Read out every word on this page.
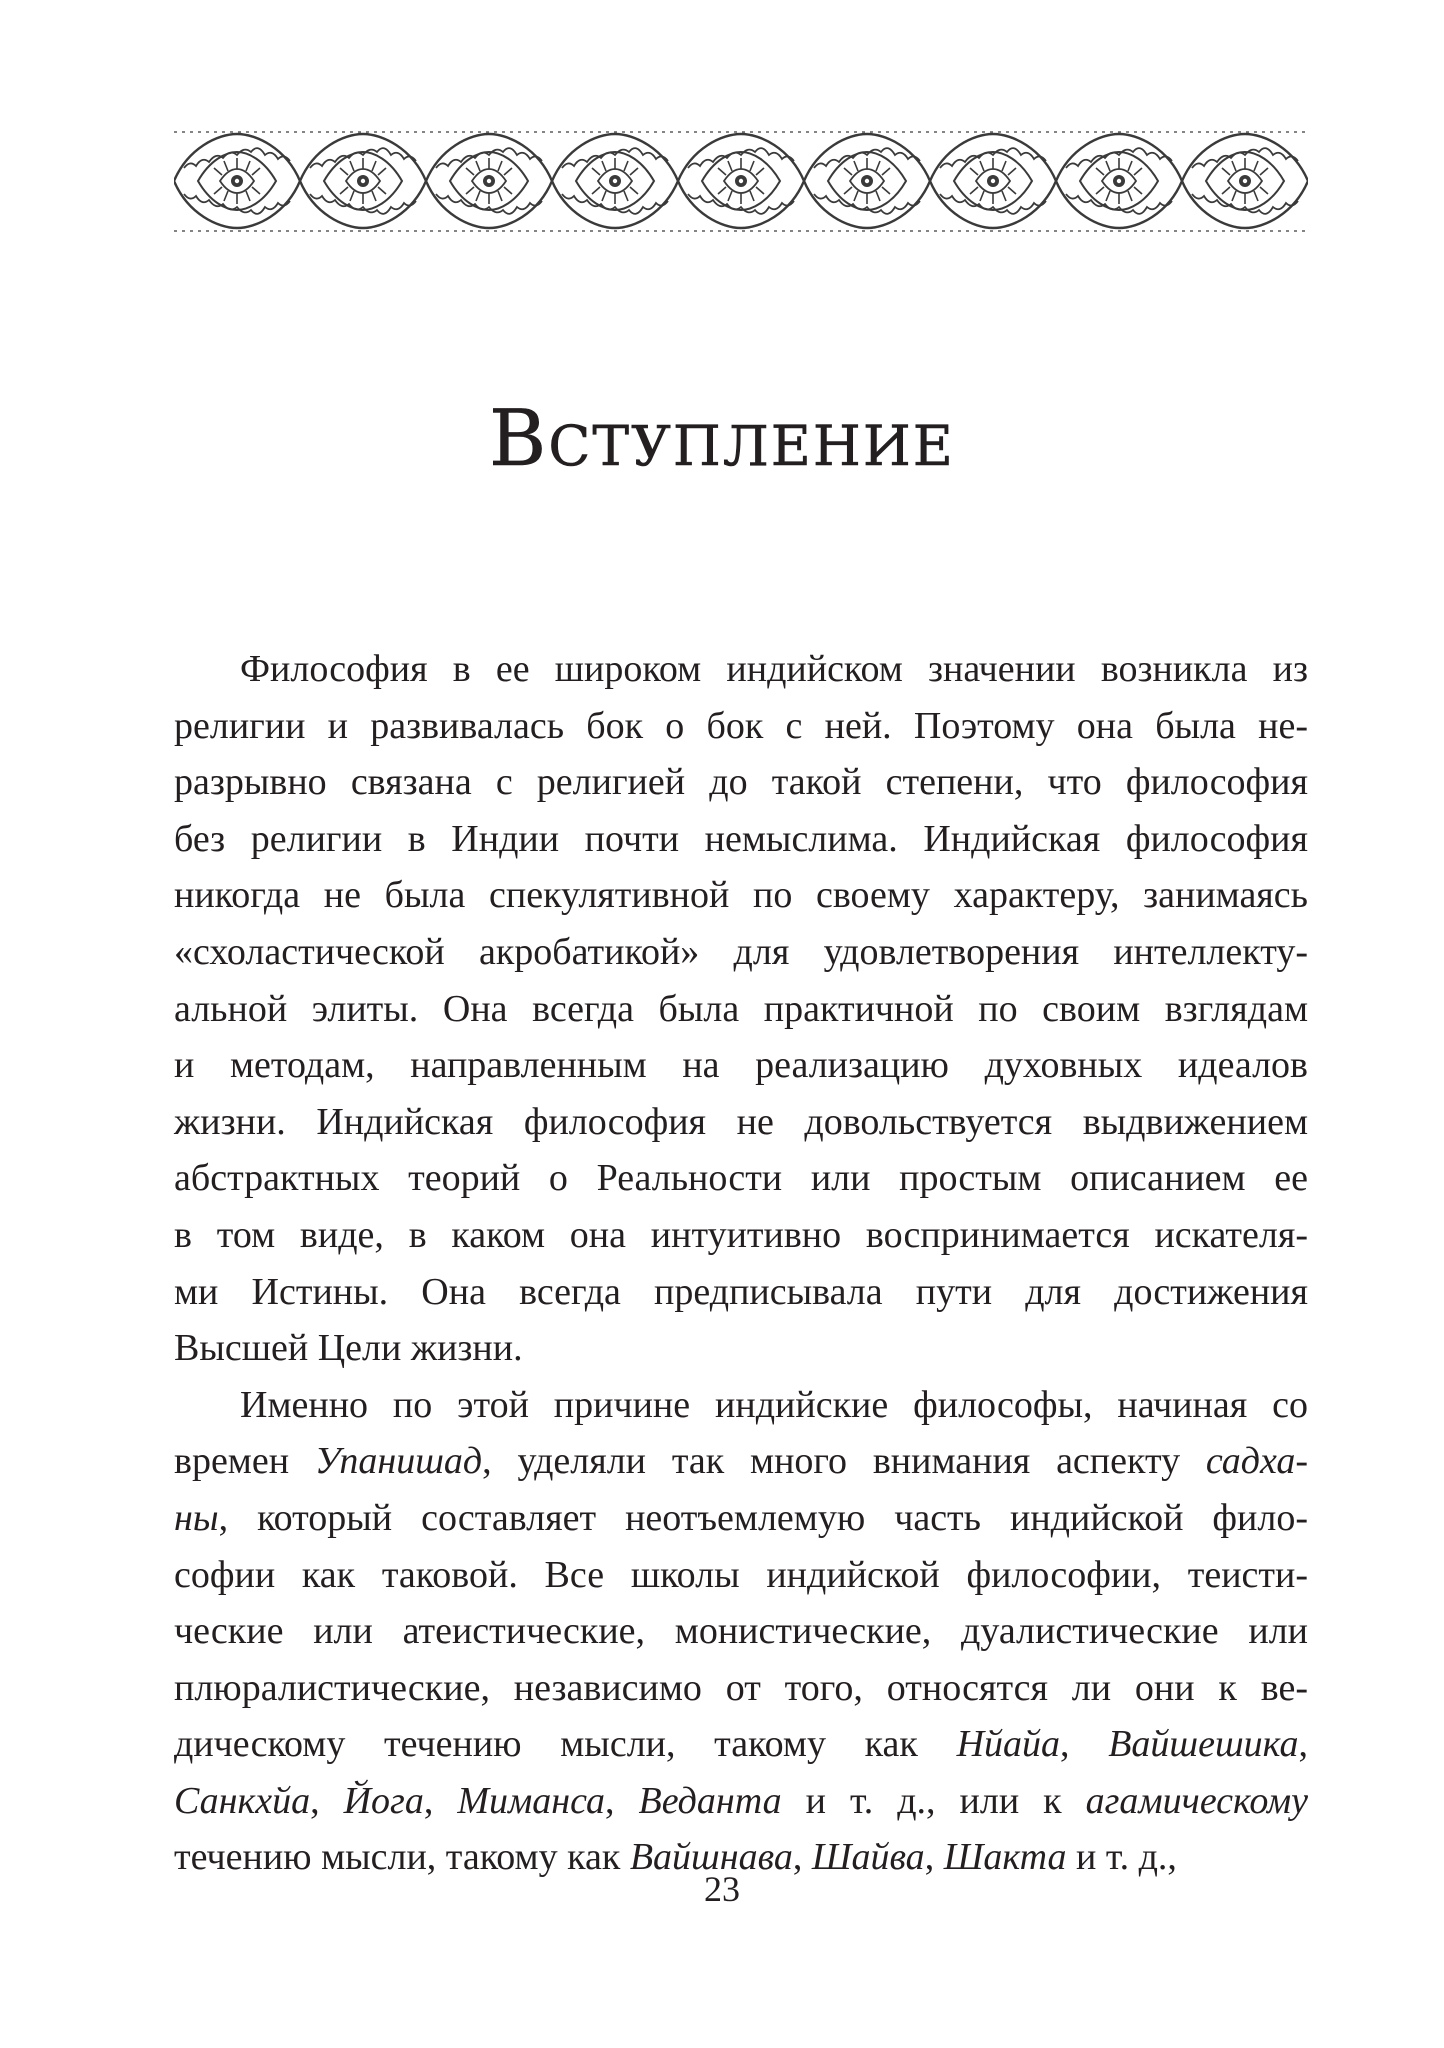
Вступление
Философия в ее широком индийском значении возникла из
религии и развивалась бок о бок с ней. Поэтому она была не-
разрывно связана с религией до такой степени, что философия
без религии в Индии почти немыслима. Индийская философия
никогда не была спекулятивной по своему характеру, занимаясь
«схоластической акробатикой» для удовлетворения интеллекту-
альной элиты. Она всегда была практичной по своим взглядам
и методам, направленным на реализацию духовных идеалов
жизни. Индийская философия не довольствуется выдвижением
абстрактных теорий о Реальности или простым описанием ее
в том виде, в каком она интуитивно воспринимается искателя-
ми Истины. Она всегда предписывала пути для достижения
Высшей Цели жизни.
Именно по этой причине индийские философы, начиная со
времен Упанишад, уделяли так много внимания аспекту садха-
ны, который составляет неотъемлемую часть индийской фило-
софии как таковой. Все школы индийской философии, теисти-
ческие или атеистические, монистические, дуалистические или
плюралистические, независимо от того, относятся ли они к ве-
дическому течению мысли, такому как Нйайа, Вайшешика,
Санкхйа, Йога, Миманса, Веданта и т. д., или к агамическому
течению мысли, такому как Вайшнава, Шайва, Шакта и т. д.,
23
